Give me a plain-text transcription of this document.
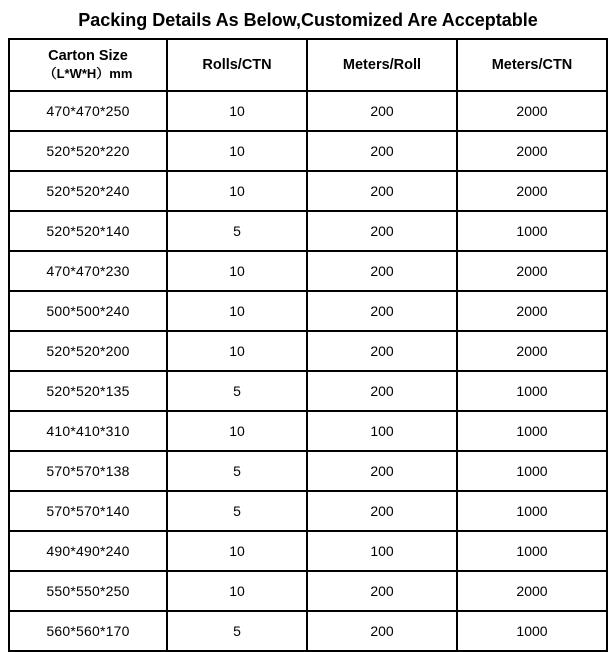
Packing Details As Below,Customized Are Acceptable
Carton Size
（L*W*H）mm	Rolls/CTN	Meters/Roll	Meters/CTN
470*470*250	10	200	2000
520*520*220	10	200	2000
520*520*240	10	200	2000
520*520*140	5	200	1000
470*470*230	10	200	2000
500*500*240	10	200	2000
520*520*200	10	200	2000
520*520*135	5	200	1000
410*410*310	10	100	1000
570*570*138	5	200	1000
570*570*140	5	200	1000
490*490*240	10	100	1000
550*550*250	10	200	2000
560*560*170	5	200	1000
